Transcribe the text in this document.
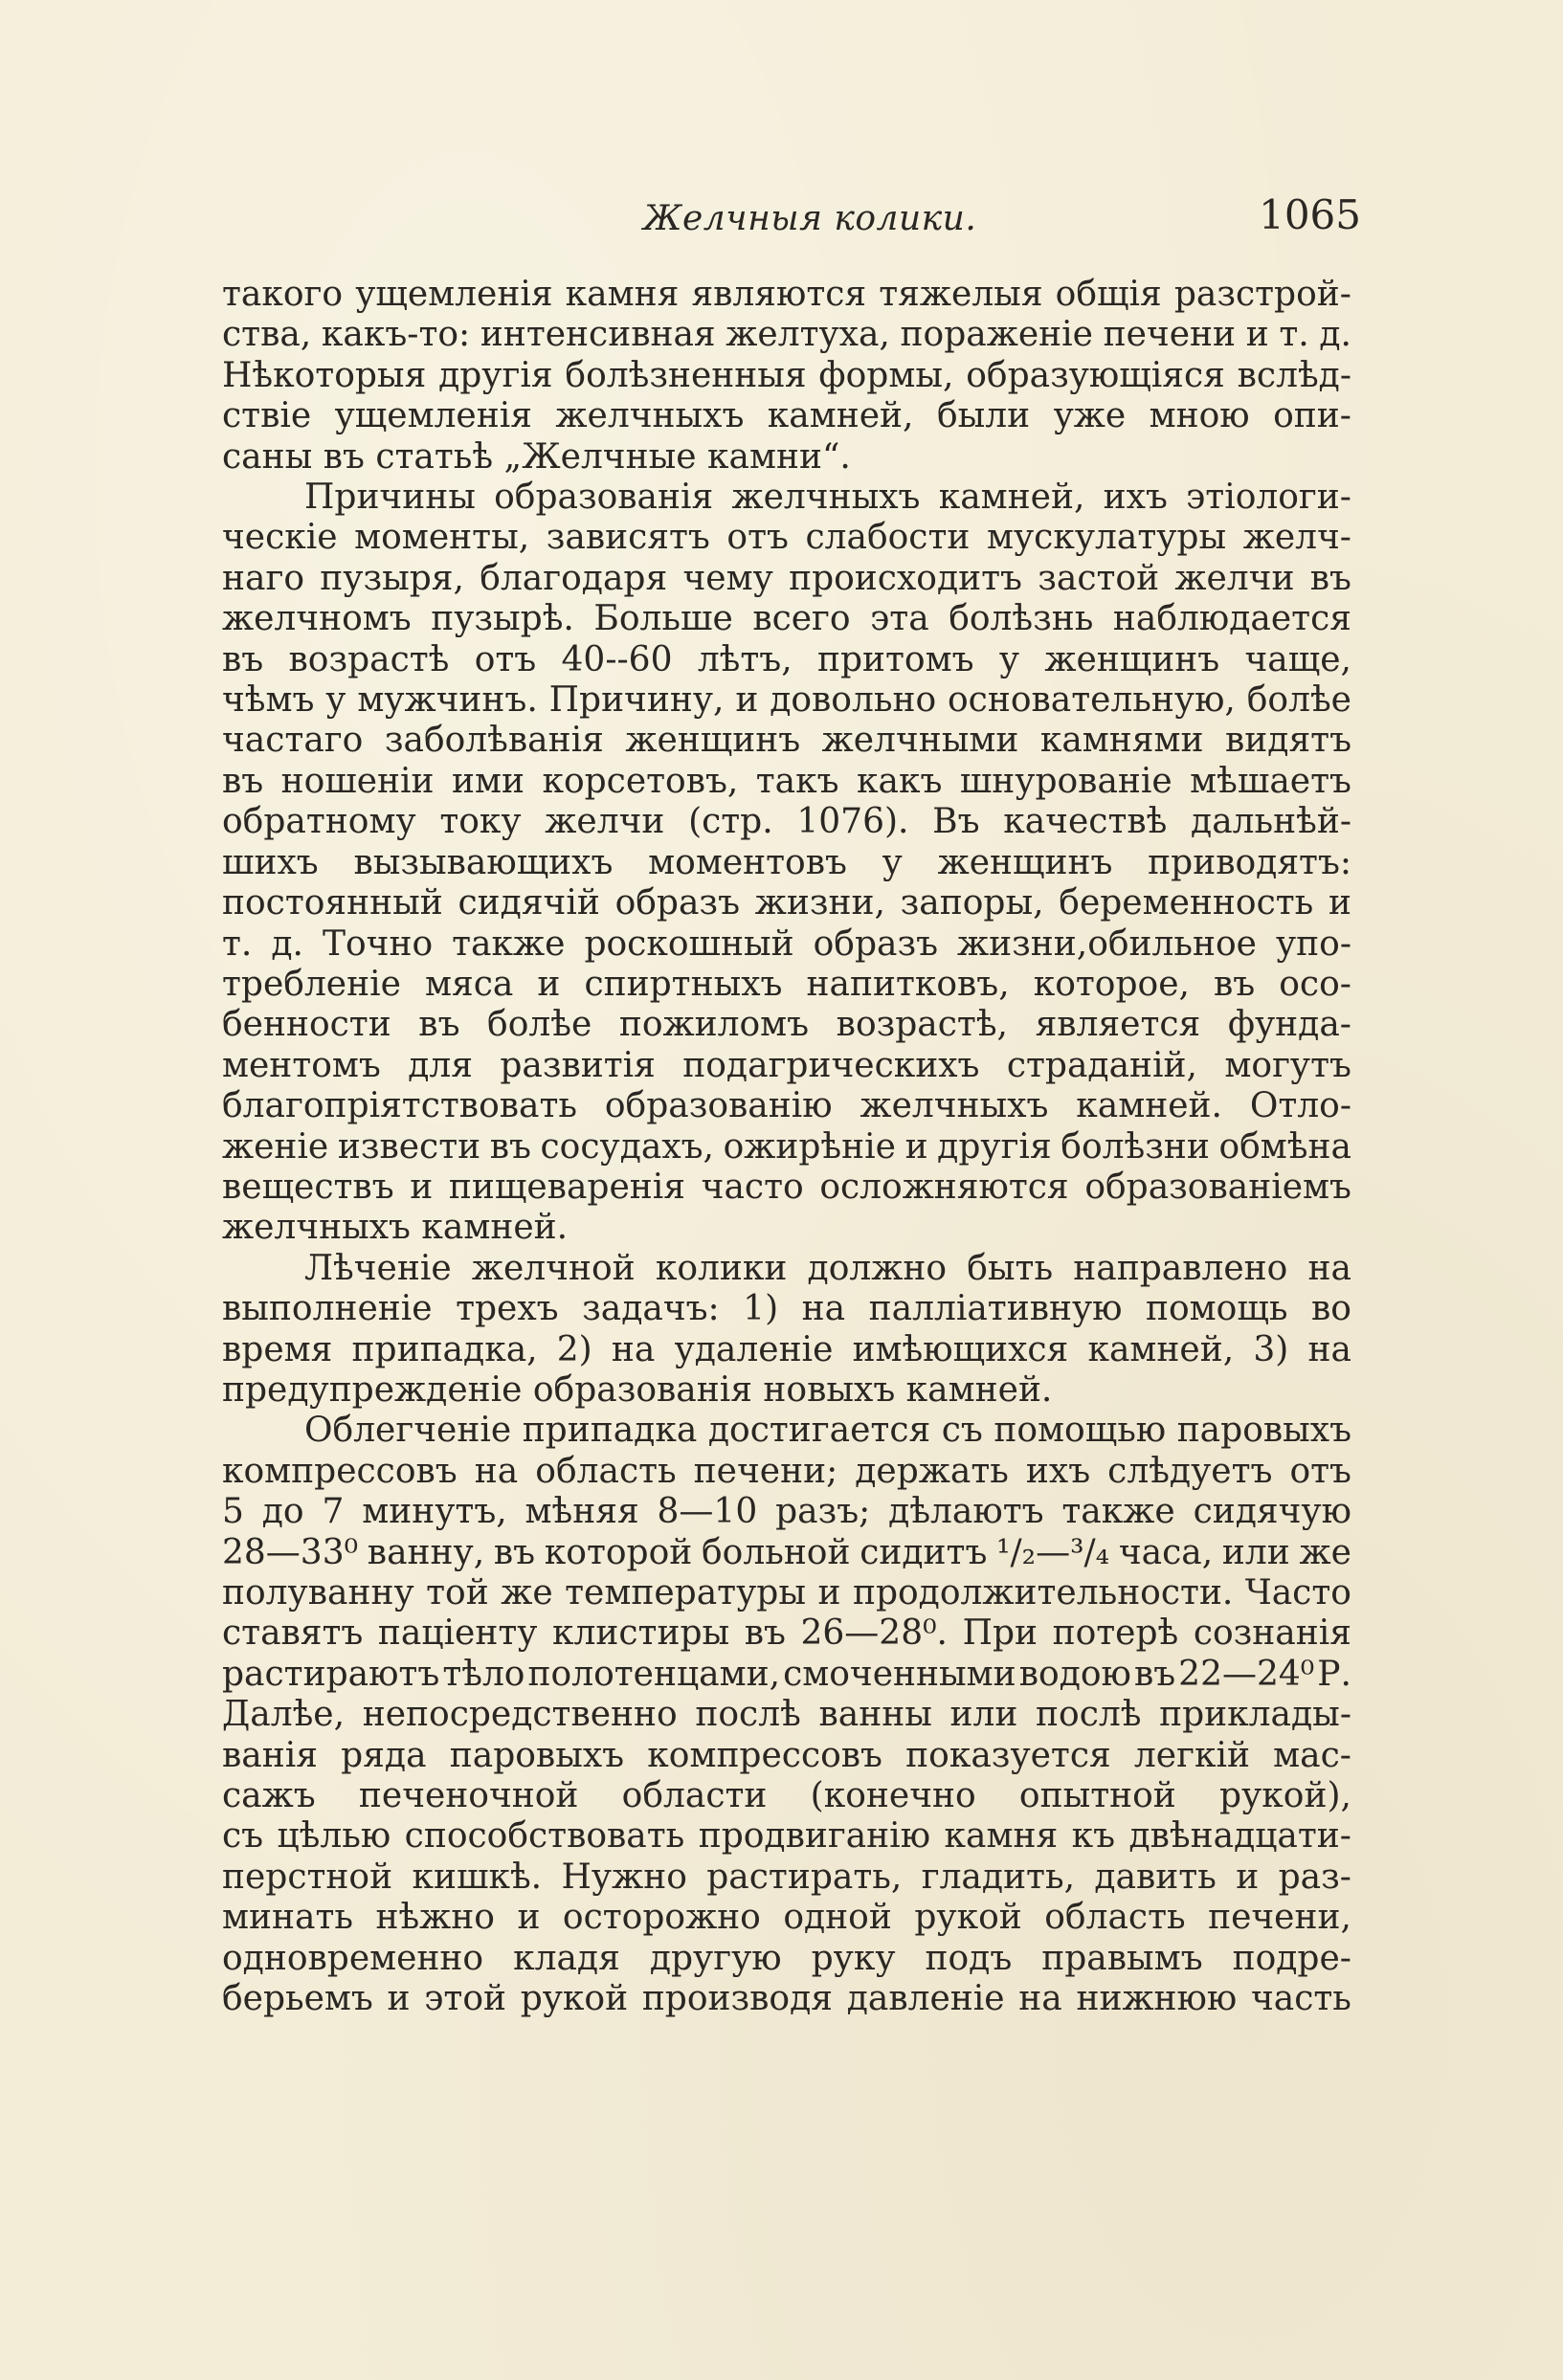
Желчныя колики.	1065

такого ущемленія камня являются тяжелыя общія разстрой-
ства, какъ-то: интенсивная желтуха, пораженіе печени и т. д.
Нѣкоторыя другія болѣзненныя формы, образующіяся вслѣд-
ствіе ущемленія желчныхъ камней, были уже мною опи-
саны въ статьѣ „Желчные камни“.

Причины образованія желчныхъ камней, ихъ этіологи-
ческіе моменты, зависятъ отъ слабости мускулатуры желч-
наго пузыря, благодаря чему происходитъ застой желчи въ
желчномъ пузырѣ. Больше всего эта болѣзнь наблюдается
въ возрастѣ отъ 40--60 лѣтъ, притомъ у женщинъ чаще,
чѣмъ у мужчинъ. Причину, и довольно основательную, болѣе
частаго заболѣванія женщинъ желчными камнями видятъ
въ ношеніи ими корсетовъ, такъ какъ шнурованіе мѣшаетъ
обратному току желчи (стр. 1076). Въ качествѣ дальнѣй-
шихъ вызывающихъ моментовъ у женщинъ приводятъ:
постоянный сидячій образъ жизни, запоры, беременность и
т. д. Точно также роскошный образъ жизни,обильное упо-
требленіе мяса и спиртныхъ напитковъ, которое, въ осо-
бенности въ болѣе пожиломъ возрастѣ, является фунда-
ментомъ для развитія подагрическихъ страданій, могутъ
благопріятствовать образованію желчныхъ камней. Отло-
женіе извести въ сосудахъ, ожирѣніе и другія болѣзни обмѣна
веществъ и пищеваренія часто осложняются образованіемъ
желчныхъ камней.

Лѣченіе желчной колики должно быть направлено на
выполненіе трехъ задачъ: 1) на палліативную помощь во
время припадка, 2) на удаленіе имѣющихся камней, 3) на
предупрежденіе образованія новыхъ камней.

Облегченіе припадка достигается съ помощью паровыхъ
компрессовъ на область печени; держать ихъ слѣдуетъ отъ
5 до 7 минутъ, мѣняя 8—10 разъ; дѣлаютъ также сидячую
28—33⁰ ванну, въ которой больной сидитъ ¹/₂—³/₄ часа, или же
полуванну той же температуры и продолжительности. Часто
ставятъ паціенту клистиры въ 26—28⁰. При потерѣ сознанія
растираютъ тѣло полотенцами, смоченными водою въ 22—24⁰ Р.
Далѣе, непосредственно послѣ ванны или послѣ приклады-
ванія ряда паровыхъ компрессовъ показуется легкій мас-
сажъ печеночной области (конечно опытной рукой),
съ цѣлью способствовать продвиганію камня къ двѣнадцати-
перстной кишкѣ. Нужно растирать, гладить, давить и раз-
минать нѣжно и осторожно одной рукой область печени,
одновременно кладя другую руку подъ правымъ подре-
берьемъ и этой рукой производя давленіе на нижнюю часть
